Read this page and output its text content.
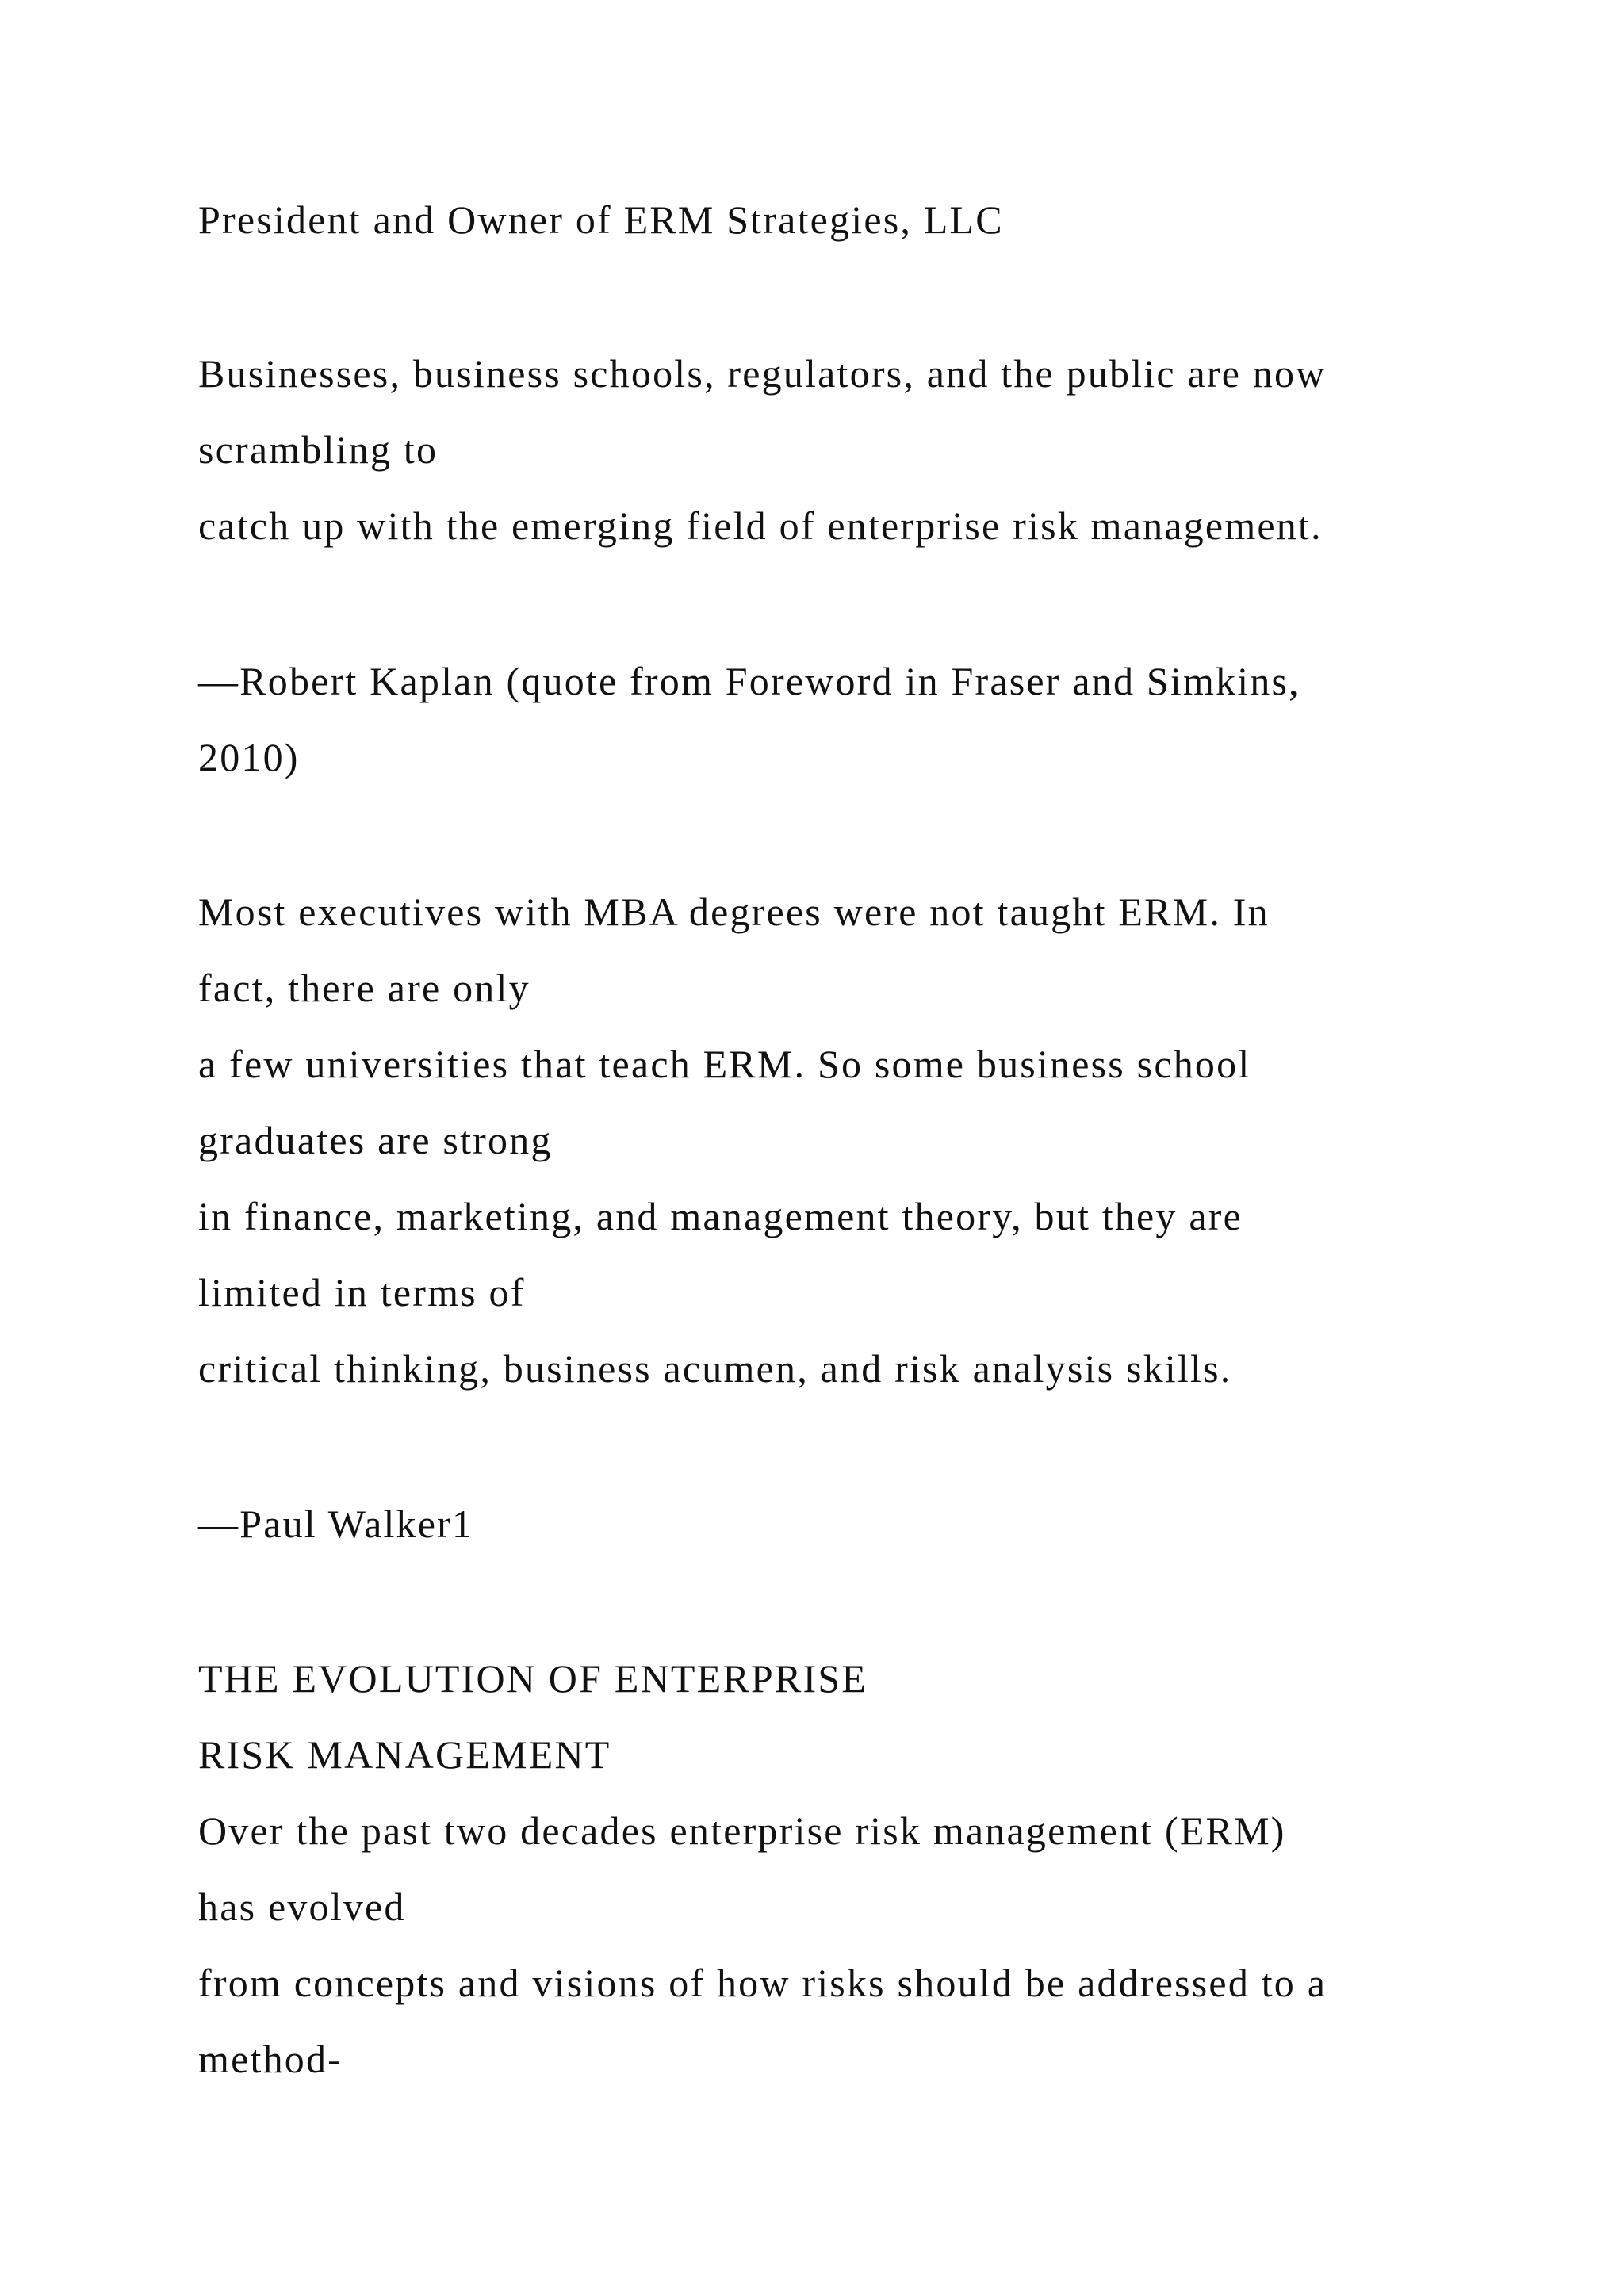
President and Owner of ERM Strategies, LLC

Businesses, business schools, regulators, and the public are now

scrambling to

catch up with the emerging field of enterprise risk management.

—Robert Kaplan (quote from Foreword in Fraser and Simkins,

2010)

Most executives with MBA degrees were not taught ERM. In

fact, there are only

a few universities that teach ERM. So some business school

graduates are strong

in finance, marketing, and management theory, but they are

limited in terms of

critical thinking, business acumen, and risk analysis skills.

—Paul Walker1

THE EVOLUTION OF ENTERPRISE

RISK MANAGEMENT

Over the past two decades enterprise risk management (ERM)

has evolved

from concepts and visions of how risks should be addressed to a

method-
